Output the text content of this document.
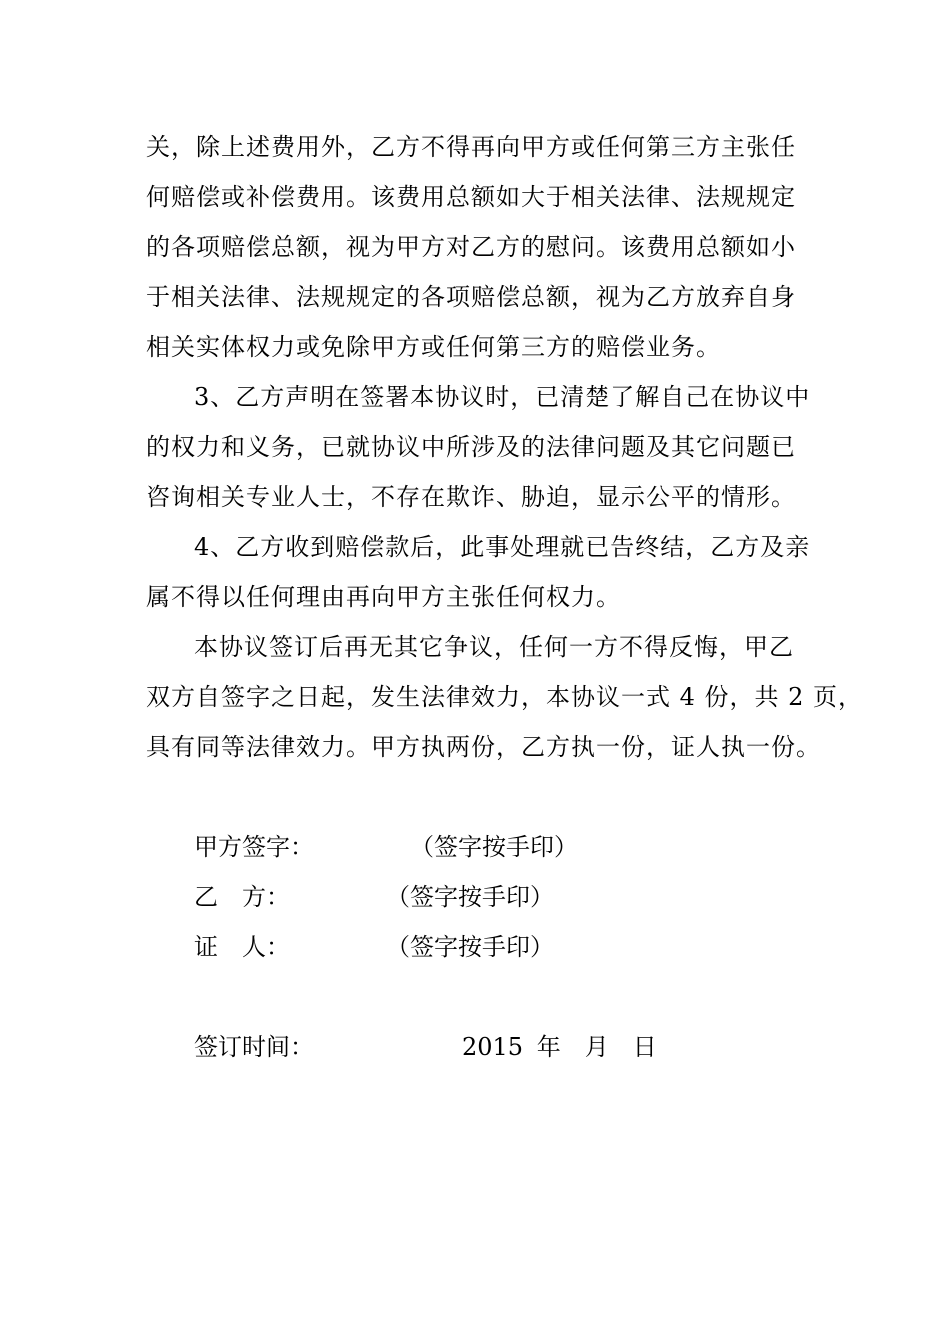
关，除上述费用外，乙方不得再向甲方或任何第三方主张任
何赔偿或补偿费用。该费用总额如大于相关法律、法规规定
的各项赔偿总额，视为甲方对乙方的慰问。该费用总额如小
于相关法律、法规规定的各项赔偿总额，视为乙方放弃自身
相关实体权力或免除甲方或任何第三方的赔偿业务。
3、乙方声明在签署本协议时，已清楚了解自己在协议中
的权力和义务，已就协议中所涉及的法律问题及其它问题已
咨询相关专业人士，不存在欺诈、胁迫，显示公平的情形。
4、乙方收到赔偿款后，此事处理就已告终结，乙方及亲
属不得以任何理由再向甲方主张任何权力。
本协议签订后再无其它争议，任何一方不得反悔，甲乙
双方自签字之日起，发生法律效力，本协议一式 4 份，共 2 页，
具有同等法律效力。甲方执两份，乙方执一份，证人执一份。
甲方签字：	（签字按手印）
乙　方：	（签字按手印）
证　人：	（签字按手印）
签订时间：	2015 年　月　日
